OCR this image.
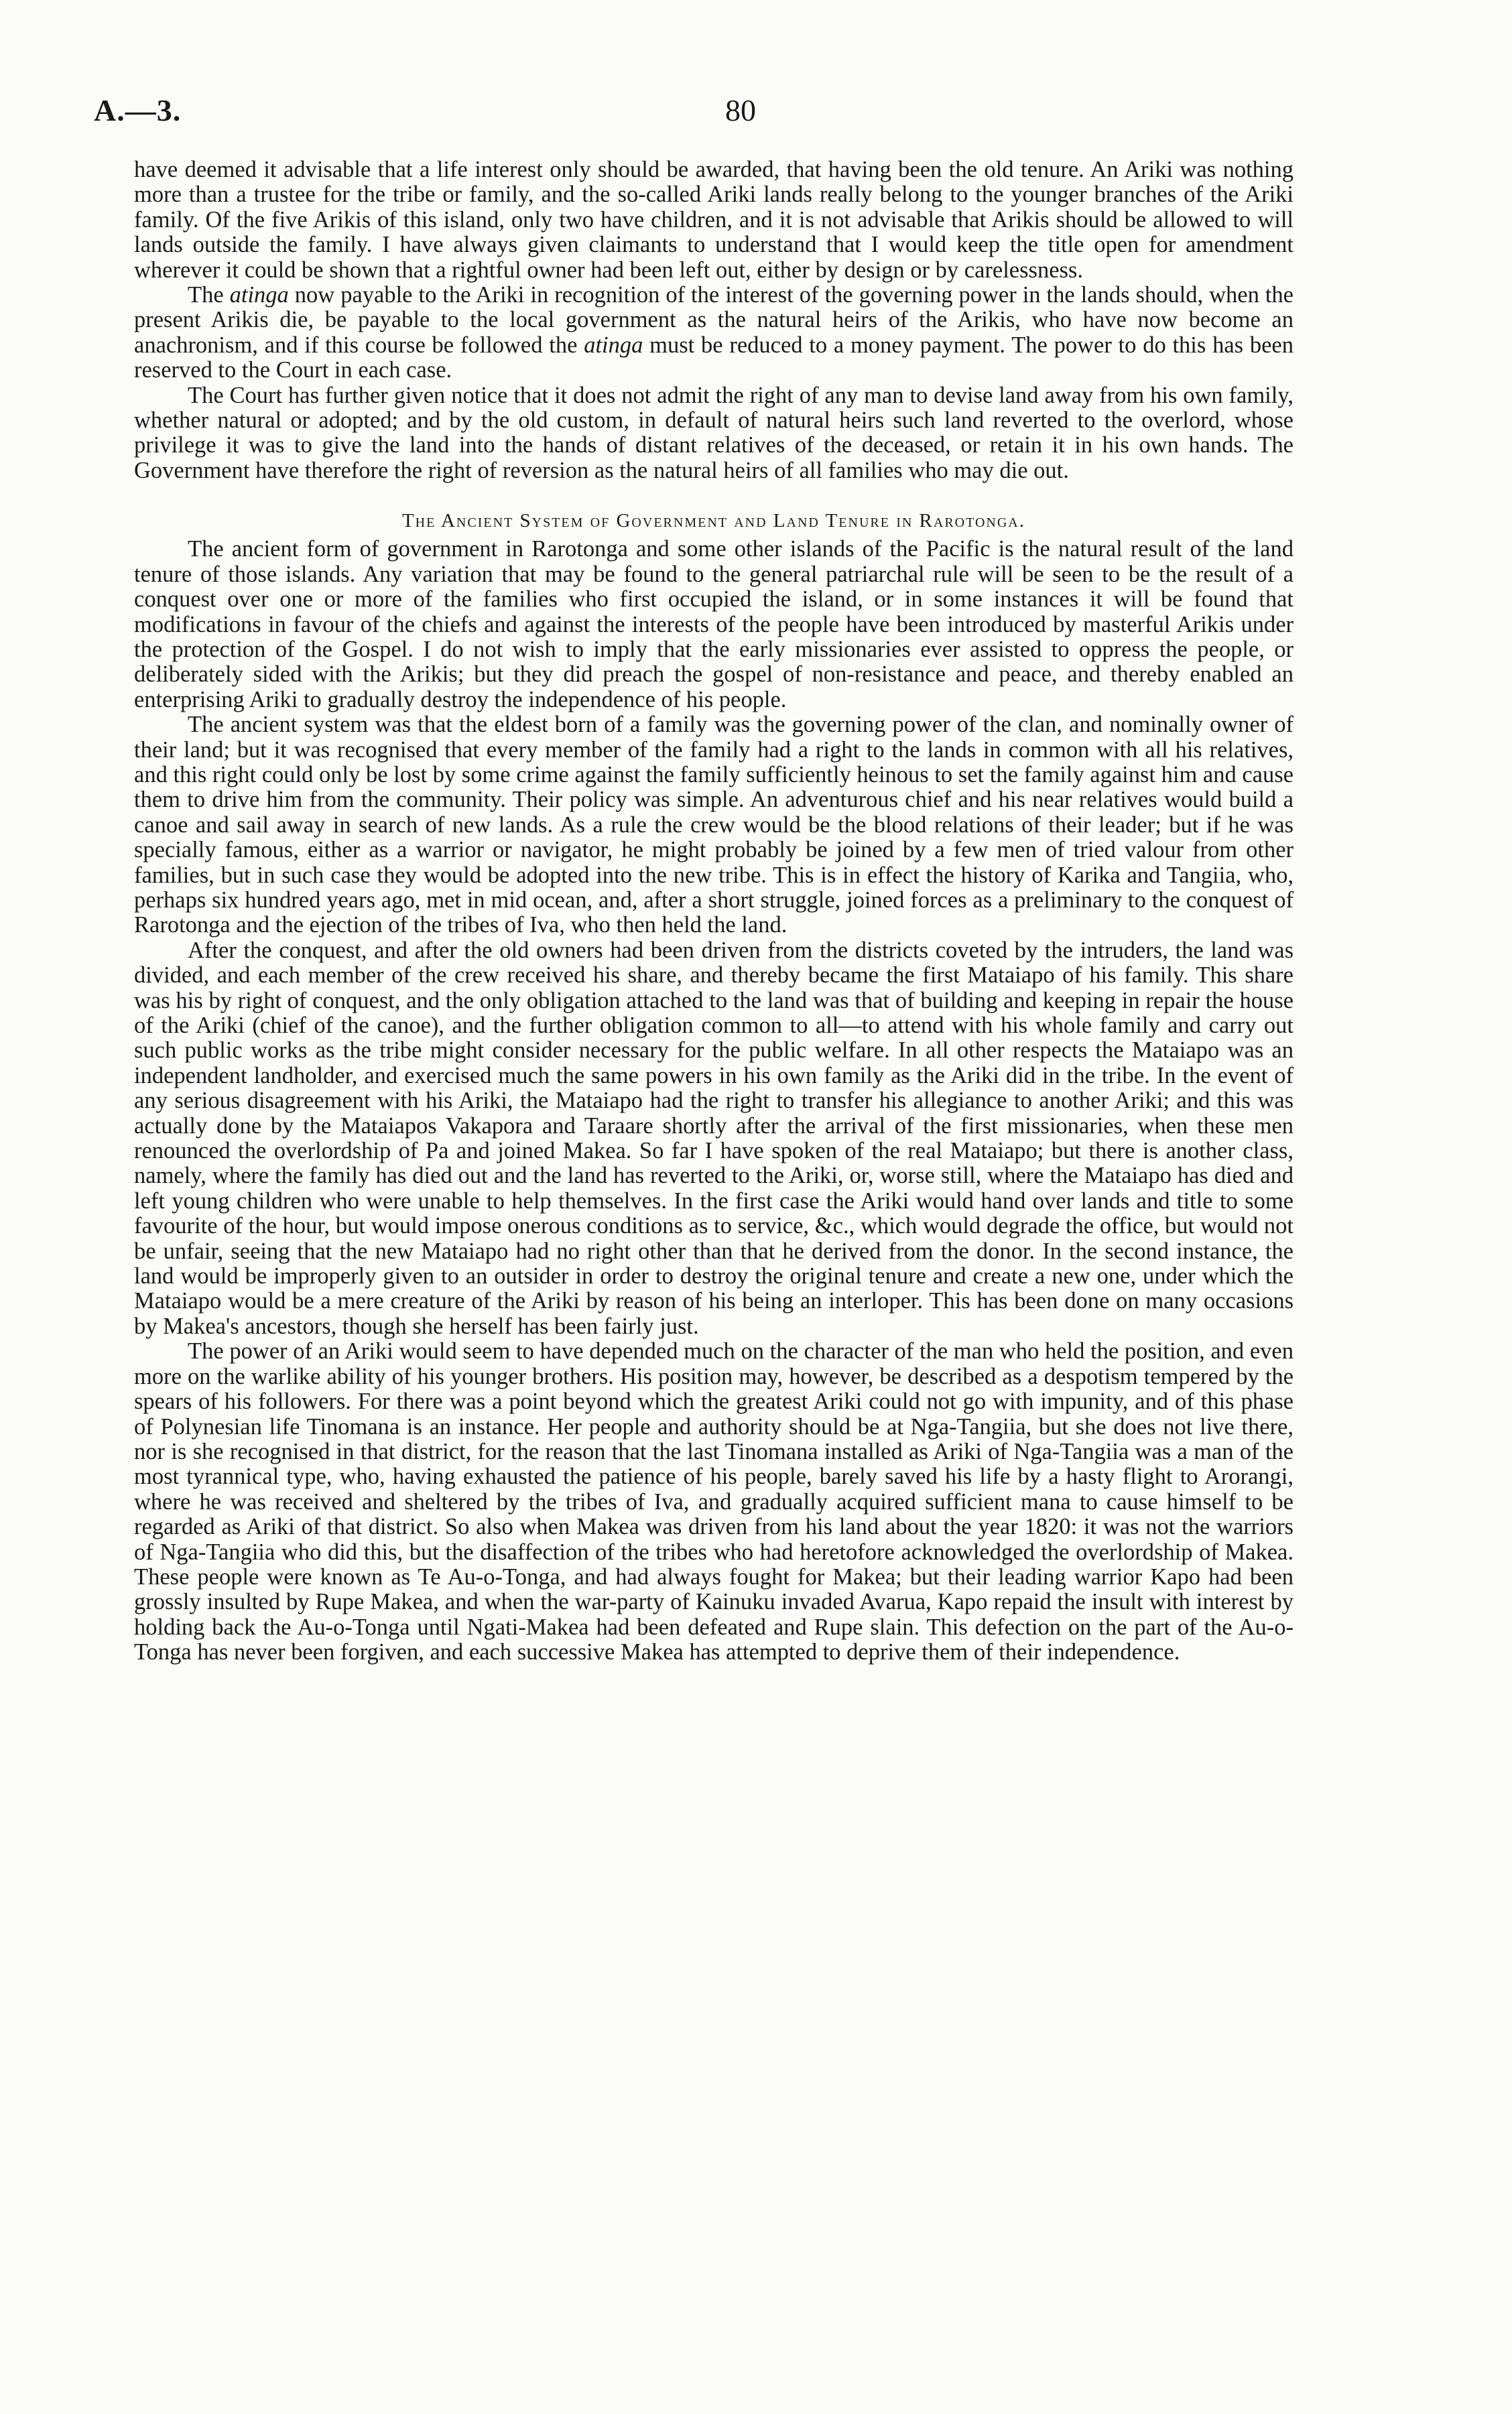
A.—3.	80

have deemed it advisable that a life interest only should be awarded, that having been the old tenure. An Ariki was nothing more than a trustee for the tribe or family, and the so-called Ariki lands really belong to the younger branches of the Ariki family. Of the five Arikis of this island, only two have children, and it is not advisable that Arikis should be allowed to will lands outside the family. I have always given claimants to understand that I would keep the title open for amendment wherever it could be shown that a rightful owner had been left out, either by design or by carelessness.

The atinga now payable to the Ariki in recognition of the interest of the governing power in the lands should, when the present Arikis die, be payable to the local government as the natural heirs of the Arikis, who have now become an anachronism, and if this course be followed the atinga must be reduced to a money payment. The power to do this has been reserved to the Court in each case.

The Court has further given notice that it does not admit the right of any man to devise land away from his own family, whether natural or adopted; and by the old custom, in default of natural heirs such land reverted to the overlord, whose privilege it was to give the land into the hands of distant relatives of the deceased, or retain it in his own hands. The Government have therefore the right of reversion as the natural heirs of all families who may die out.

The Ancient System of Government and Land Tenure in Rarotonga.

The ancient form of government in Rarotonga and some other islands of the Pacific is the natural result of the land tenure of those islands. Any variation that may be found to the general patriarchal rule will be seen to be the result of a conquest over one or more of the families who first occupied the island, or in some instances it will be found that modifications in favour of the chiefs and against the interests of the people have been introduced by masterful Arikis under the protection of the Gospel. I do not wish to imply that the early missionaries ever assisted to oppress the people, or deliberately sided with the Arikis; but they did preach the gospel of non-resistance and peace, and thereby enabled an enterprising Ariki to gradually destroy the independence of his people.

The ancient system was that the eldest born of a family was the governing power of the clan, and nominally owner of their land; but it was recognised that every member of the family had a right to the lands in common with all his relatives, and this right could only be lost by some crime against the family sufficiently heinous to set the family against him and cause them to drive him from the community. Their policy was simple. An adventurous chief and his near relatives would build a canoe and sail away in search of new lands. As a rule the crew would be the blood relations of their leader; but if he was specially famous, either as a warrior or navigator, he might probably be joined by a few men of tried valour from other families, but in such case they would be adopted into the new tribe. This is in effect the history of Karika and Tangiia, who, perhaps six hundred years ago, met in mid ocean, and, after a short struggle, joined forces as a preliminary to the conquest of Rarotonga and the ejection of the tribes of Iva, who then held the land.

After the conquest, and after the old owners had been driven from the districts coveted by the intruders, the land was divided, and each member of the crew received his share, and thereby became the first Mataiapo of his family. This share was his by right of conquest, and the only obligation attached to the land was that of building and keeping in repair the house of the Ariki (chief of the canoe), and the further obligation common to all—to attend with his whole family and carry out such public works as the tribe might consider necessary for the public welfare. In all other respects the Mataiapo was an independent landholder, and exercised much the same powers in his own family as the Ariki did in the tribe. In the event of any serious disagreement with his Ariki, the Mataiapo had the right to transfer his allegiance to another Ariki; and this was actually done by the Mataiapos Vakapora and Taraare shortly after the arrival of the first missionaries, when these men renounced the overlordship of Pa and joined Makea. So far I have spoken of the real Mataiapo; but there is another class, namely, where the family has died out and the land has reverted to the Ariki, or, worse still, where the Mataiapo has died and left young children who were unable to help themselves. In the first case the Ariki would hand over lands and title to some favourite of the hour, but would impose onerous conditions as to service, &c., which would degrade the office, but would not be unfair, seeing that the new Mataiapo had no right other than that he derived from the donor. In the second instance, the land would be improperly given to an outsider in order to destroy the original tenure and create a new one, under which the Mataiapo would be a mere creature of the Ariki by reason of his being an interloper. This has been done on many occasions by Makea's ancestors, though she herself has been fairly just.

The power of an Ariki would seem to have depended much on the character of the man who held the position, and even more on the warlike ability of his younger brothers. His position may, however, be described as a despotism tempered by the spears of his followers. For there was a point beyond which the greatest Ariki could not go with impunity, and of this phase of Polynesian life Tinomana is an instance. Her people and authority should be at Nga-Tangiia, but she does not live there, nor is she recognised in that district, for the reason that the last Tinomana installed as Ariki of Nga-Tangiia was a man of the most tyrannical type, who, having exhausted the patience of his people, barely saved his life by a hasty flight to Arorangi, where he was received and sheltered by the tribes of Iva, and gradually acquired sufficient mana to cause himself to be regarded as Ariki of that district. So also when Makea was driven from his land about the year 1820: it was not the warriors of Nga-Tangiia who did this, but the disaffection of the tribes who had heretofore acknowledged the overlordship of Makea. These people were known as Te Au-o-Tonga, and had always fought for Makea; but their leading warrior Kapo had been grossly insulted by Rupe Makea, and when the war-party of Kainuku invaded Avarua, Kapo repaid the insult with interest by holding back the Au-o-Tonga until Ngati-Makea had been defeated and Rupe slain. This defection on the part of the Au-o-Tonga has never been forgiven, and each successive Makea has attempted to deprive them of their independence.
